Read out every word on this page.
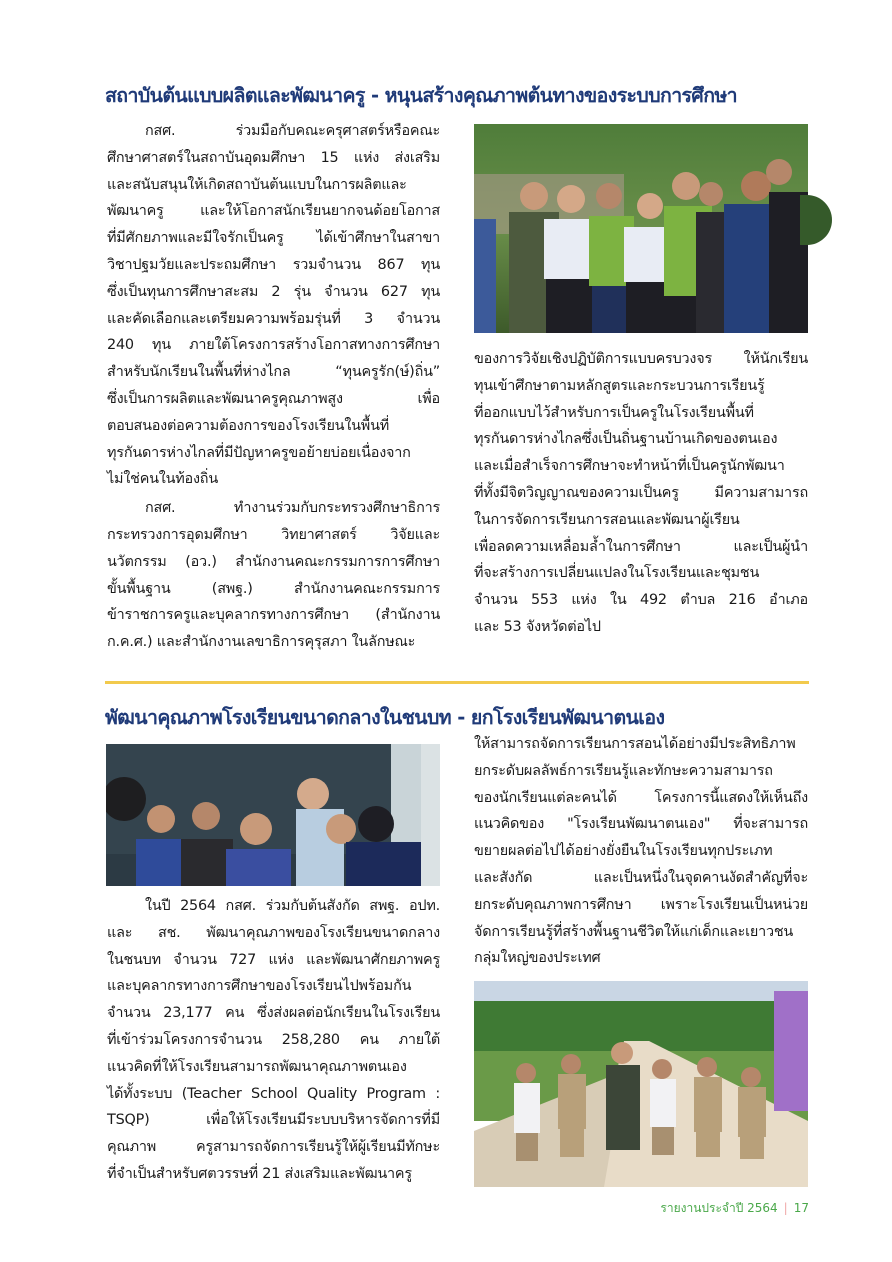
สถาบันต้นแบบผลิตและพัฒนาครู - หนุนสร้างคุณภาพต้นทางของระบบการศึกษา
กสศ. ร่วมมือกับคณะครุศาสตร์หรือคณะ
ศึกษาศาสตร์ในสถาบันอุดมศึกษา 15 แห่ง ส่งเสริม
และสนับสนุนให้เกิดสถาบันต้นแบบในการผลิตและ
พัฒนาครู และให้โอกาสนักเรียนยากจนด้อยโอกาส
ที่มีศักยภาพและมีใจรักเป็นครู ได้เข้าศึกษาในสาขา
วิชาปฐมวัยและประถมศึกษา รวมจำนวน 867 ทุน
ซึ่งเป็นทุนการศึกษาสะสม 2 รุ่น จำนวน 627 ทุน
และคัดเลือกและเตรียมความพร้อมรุ่นที่ 3 จำนวน
240 ทุน ภายใต้โครงการสร้างโอกาสทางการศึกษา
สำหรับนักเรียนในพื้นที่ห่างไกล “ทุนครูรัก(ษ์)ถิ่น”
ซึ่งเป็นการผลิตและพัฒนาครูคุณภาพสูง เพื่อ
ตอบสนองต่อความต้องการของโรงเรียนในพื้นที่
ทุรกันดารห่างไกลที่มีปัญหาครูขอย้ายบ่อยเนื่องจาก
ไม่ใช่คนในท้องถิ่น
กสศ. ทำงานร่วมกับกระทรวงศึกษาธิการ
กระทรวงการอุดมศึกษา วิทยาศาสตร์ วิจัยและ
นวัตกรรม (อว.) สำนักงานคณะกรรมการการศึกษา
ขั้นพื้นฐาน (สพฐ.) สำนักงานคณะกรรมการ
ข้าราชการครูและบุคลากรทางการศึกษา (สำนักงาน
ก.ค.ศ.) และสำนักงานเลขาธิการคุรุสภา ในลักษณะ
ของการวิจัยเชิงปฏิบัติการแบบครบวงจร ให้นักเรียน
ทุนเข้าศึกษาตามหลักสูตรและกระบวนการเรียนรู้
ที่ออกแบบไว้สำหรับการเป็นครูในโรงเรียนพื้นที่
ทุรกันดารห่างไกลซึ่งเป็นถิ่นฐานบ้านเกิดของตนเอง
และเมื่อสำเร็จการศึกษาจะทำหน้าที่เป็นครูนักพัฒนา
ที่ทั้งมีจิตวิญญาณของความเป็นครู มีความสามารถ
ในการจัดการเรียนการสอนและพัฒนาผู้เรียน
เพื่อลดความเหลื่อมล้ำในการศึกษา และเป็นผู้นำ
ที่จะสร้างการเปลี่ยนแปลงในโรงเรียนและชุมชน
จำนวน 553 แห่ง ใน 492 ตำบล 216 อำเภอ
และ 53 จังหวัดต่อไป
พัฒนาคุณภาพโรงเรียนขนาดกลางในชนบท - ยกโรงเรียนพัฒนาตนเอง
ในปี 2564 กสศ. ร่วมกับต้นสังกัด สพฐ. อปท.
และ สช. พัฒนาคุณภาพของโรงเรียนขนาดกลาง
ในชนบท จำนวน 727 แห่ง และพัฒนาศักยภาพครู
และบุคลากรทางการศึกษาของโรงเรียนไปพร้อมกัน
จำนวน 23,177 คน ซึ่งส่งผลต่อนักเรียนในโรงเรียน
ที่เข้าร่วมโครงการจำนวน 258,280 คน ภายใต้
แนวคิดที่ให้โรงเรียนสามารถพัฒนาคุณภาพตนเอง
ได้ทั้งระบบ (Teacher School Quality Program :
TSQP) เพื่อให้โรงเรียนมีระบบบริหารจัดการที่มี
คุณภาพ ครูสามารถจัดการเรียนรู้ให้ผู้เรียนมีทักษะ
ที่จำเป็นสำหรับศตวรรษที่ 21 ส่งเสริมและพัฒนาครู
ให้สามารถจัดการเรียนการสอนได้อย่างมีประสิทธิภาพ
ยกระดับผลลัพธ์การเรียนรู้และทักษะความสามารถ
ของนักเรียนแต่ละคนได้ โครงการนี้แสดงให้เห็นถึง
แนวคิดของ "โรงเรียนพัฒนาตนเอง" ที่จะสามารถ
ขยายผลต่อไปได้อย่างยั่งยืนในโรงเรียนทุกประเภท
และสังกัด และเป็นหนึ่งในจุดคานงัดสำคัญที่จะ
ยกระดับคุณภาพการศึกษา เพราะโรงเรียนเป็นหน่วย
จัดการเรียนรู้ที่สร้างพื้นฐานชีวิตให้แก่เด็กและเยาวชน
กลุ่มใหญ่ของประเทศ
รายงานประจำปี 2564 | 17
